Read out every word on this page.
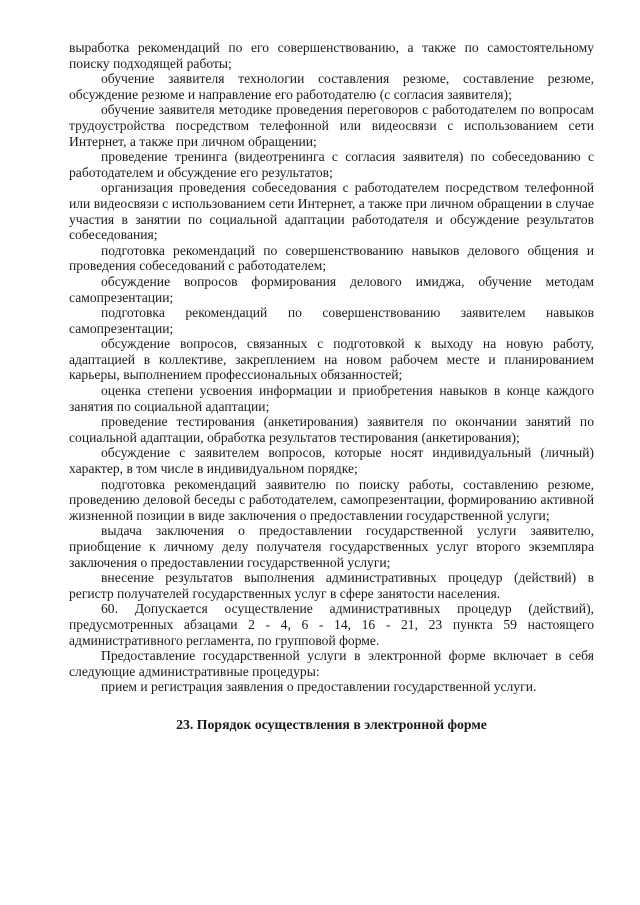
выработка рекомендаций по его совершенствованию, а также по самостоятельному поиску подходящей работы;

обучение заявителя технологии составления резюме, составление резюме, обсуждение резюме и направление его работодателю (с согласия заявителя);

обучение заявителя методике проведения переговоров с работодателем по вопросам трудоустройства посредством телефонной или видеосвязи с использованием сети Интернет, а также при личном обращении;

проведение тренинга (видеотренинга с согласия заявителя) по собеседованию с работодателем и обсуждение его результатов;

организация проведения собеседования с работодателем посредством телефонной или видеосвязи с использованием сети Интернет, а также при личном обращении в случае участия в занятии по социальной адаптации работодателя и обсуждение результатов собеседования;

подготовка рекомендаций по совершенствованию навыков делового общения и проведения собеседований с работодателем;

обсуждение вопросов формирования делового имиджа, обучение методам самопрезентации;

подготовка рекомендаций по совершенствованию заявителем навыков самопрезентации;

обсуждение вопросов, связанных с подготовкой к выходу на новую работу, адаптацией в коллективе, закреплением на новом рабочем месте и планированием карьеры, выполнением профессиональных обязанностей;

оценка степени усвоения информации и приобретения навыков в конце каждого занятия по социальной адаптации;

проведение тестирования (анкетирования) заявителя по окончании занятий по социальной адаптации, обработка результатов тестирования (анкетирования);

обсуждение с заявителем вопросов, которые носят индивидуальный (личный) характер, в том числе в индивидуальном порядке;

подготовка рекомендаций заявителю по поиску работы, составлению резюме, проведению деловой беседы с работодателем, самопрезентации, формированию активной жизненной позиции в виде заключения о предоставлении государственной услуги;

выдача заключения о предоставлении государственной услуги заявителю, приобщение к личному делу получателя государственных услуг второго экземпляра заключения о предоставлении государственной услуги;

внесение результатов выполнения административных процедур (действий) в регистр получателей государственных услуг в сфере занятости населения.

60. Допускается осуществление административных процедур (действий), предусмотренных абзацами 2 - 4, 6 - 14, 16 - 21, 23 пункта 59 настоящего административного регламента, по групповой форме.

Предоставление государственной услуги в электронной форме включает в себя следующие административные процедуры:

прием и регистрация заявления о предоставлении государственной услуги.

23. Порядок осуществления в электронной форме
